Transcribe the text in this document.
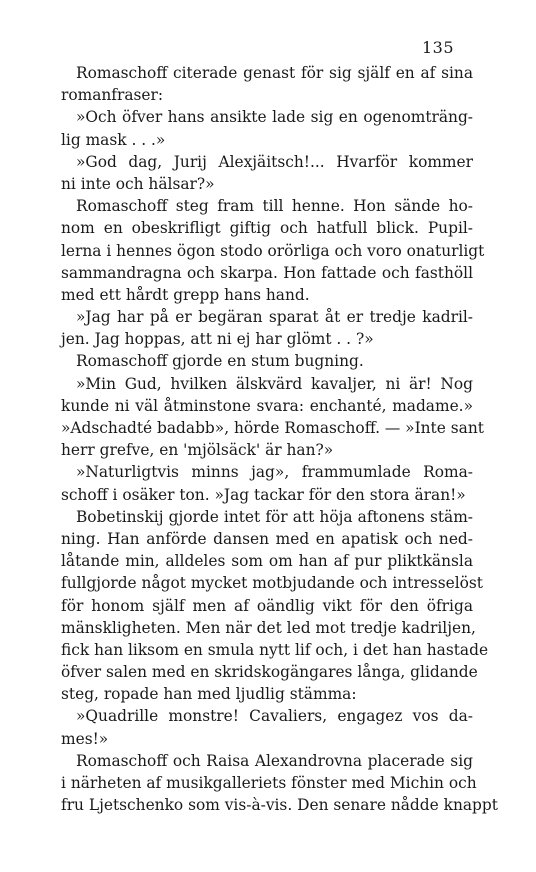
135
Romaschoff citerade genast för sig själf en af sina
romanfraser:
»Och öfver hans ansikte lade sig en ogenomträng-
lig mask . . .»
»God dag, Jurij Alexjäitsch!... Hvarför kommer
ni inte och hälsar?»
Romaschoff steg fram till henne. Hon sände ho-
nom en obeskrifligt giftig och hatfull blick. Pupil-
lerna i hennes ögon stodo orörliga och voro onaturligt
sammandragna och skarpa. Hon fattade och fasthöll
med ett hårdt grepp hans hand.
»Jag har på er begäran sparat åt er tredje kadril-
jen. Jag hoppas, att ni ej har glömt . . ?»
Romaschoff gjorde en stum bugning.
»Min Gud, hvilken älskvärd kavaljer, ni är! Nog
kunde ni väl åtminstone svara: enchanté, madame.»
»Adschadté badabb», hörde Romaschoff. — »Inte sant
herr grefve, en 'mjölsäck' är han?»
»Naturligtvis minns jag», frammumlade Roma-
schoff i osäker ton. »Jag tackar för den stora äran!»
Bobetinskij gjorde intet för att höja aftonens stäm-
ning. Han anförde dansen med en apatisk och ned-
låtande min, alldeles som om han af pur pliktkänsla
fullgjorde något mycket motbjudande och intresselöst
för honom själf men af oändlig vikt för den öfriga
mänskligheten. Men när det led mot tredje kadriljen,
fick han liksom en smula nytt lif och, i det han hastade
öfver salen med en skridskogängares långa, glidande
steg, ropade han med ljudlig stämma:
»Quadrille monstre! Cavaliers, engagez vos da-
mes!»
Romaschoff och Raisa Alexandrovna placerade sig
i närheten af musikgalleriets fönster med Michin och
fru Ljetschenko som vis-à-vis. Den senare nådde knappt
